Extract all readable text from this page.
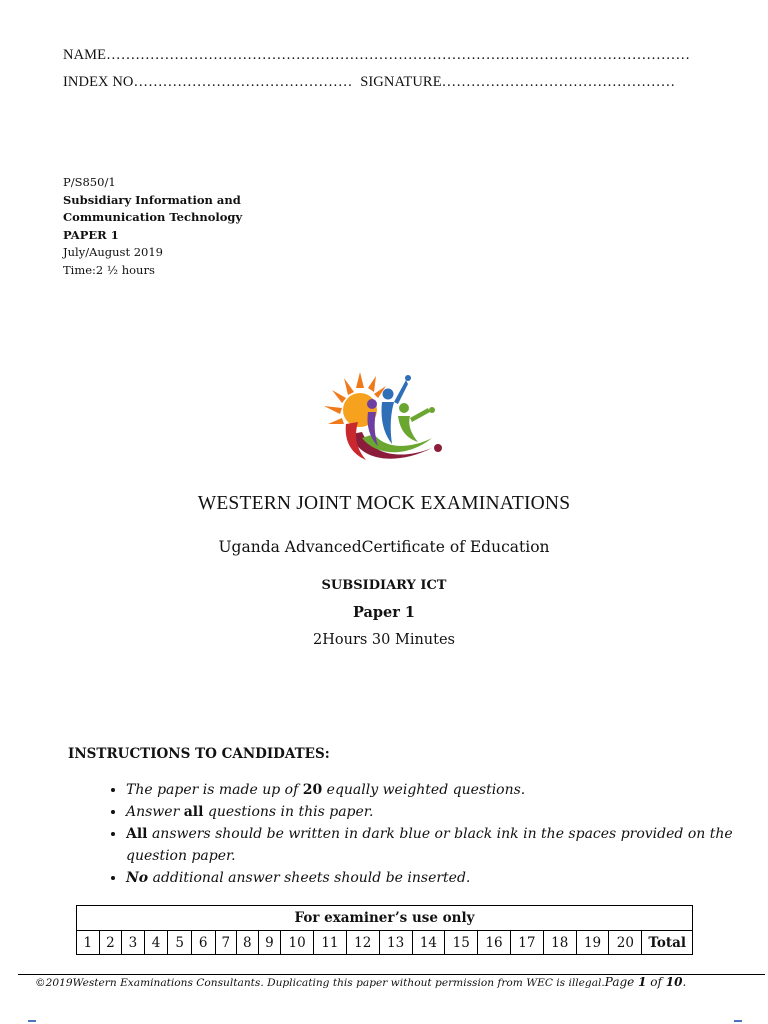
NAME…………………………………………………………………………………………………………
INDEX NO……………………………………… SIGNATURE…………………………………………
P/S850/1
Subsidiary Information and
Communication Technology
PAPER 1
July/August 2019
Time:2 ½ hours
WESTERN JOINT MOCK EXAMINATIONS
Uganda AdvancedCertificate of Education
SUBSIDIARY ICT
Paper 1
2Hours 30 Minutes
INSTRUCTIONS TO CANDIDATES:
• The paper is made up of 20 equally weighted questions.
• Answer all questions in this paper.
• All answers should be written in dark blue or black ink in the spaces provided on the question paper.
• No additional answer sheets should be inserted.
For examiner’s use only
1	2	3	4	5	6	7	8	9	10	11	12	13	14	15	16	17	18	19	20	Total
©2019Western Examinations Consultants. Duplicating this paper without permission from WEC is illegal.Page 1 of 10.
